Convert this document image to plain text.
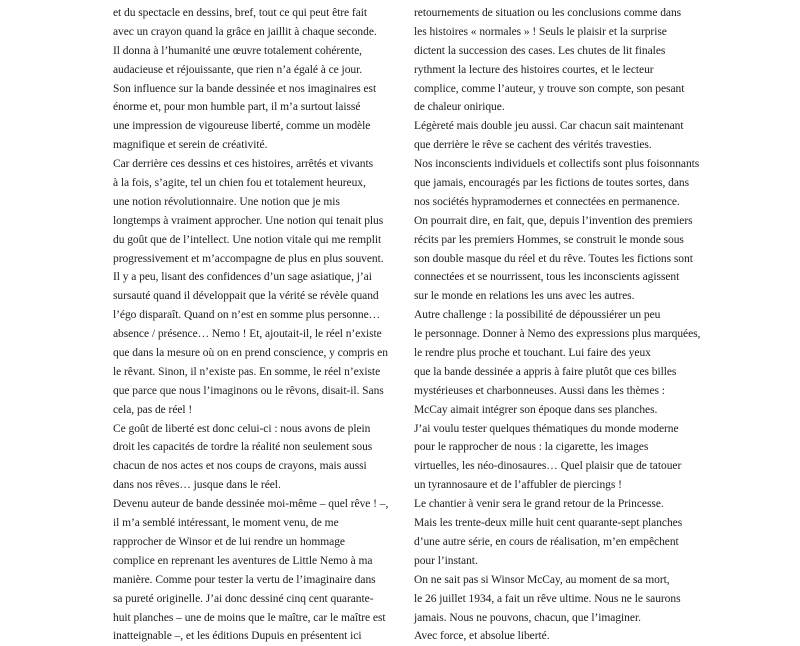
et du spectacle en dessins, bref, tout ce qui peut être fait
avec un crayon quand la grâce en jaillit à chaque seconde.
Il donna à l’humanité une œuvre totalement cohérente,
audacieuse et réjouissante, que rien n’a égalé à ce jour.
Son influence sur la bande dessinée et nos imaginaires est
énorme et, pour mon humble part, il m’a surtout laissé
une impression de vigoureuse liberté, comme un modèle
magnifique et serein de créativité.
Car derrière ces dessins et ces histoires, arrêtés et vivants
à la fois, s’agite, tel un chien fou et totalement heureux,
une notion révolutionnaire. Une notion que je mis
longtemps à vraiment approcher. Une notion qui tenait plus
du goût que de l’intellect. Une notion vitale qui me remplit
progressivement et m’accompagne de plus en plus souvent.
Il y a peu, lisant des confidences d’un sage asiatique, j’ai
sursauté quand il développait que la vérité se révèle quand
l’égo disparaît. Quand on n’est en somme plus personne…
absence / présence… Nemo ! Et, ajoutait-il, le réel n’existe
que dans la mesure où on en prend conscience, y compris en
le rêvant. Sinon, il n’existe pas. En somme, le réel n’existe
que parce que nous l’imaginons ou le rêvons, disait-il. Sans
cela, pas de réel !
Ce goût de liberté est donc celui-ci : nous avons de plein
droit les capacités de tordre la réalité non seulement sous
chacun de nos actes et nos coups de crayons, mais aussi
dans nos rêves… jusque dans le réel.
Devenu auteur de bande dessinée moi-même – quel rêve ! –,
il m’a semblé intéressant, le moment venu, de me
rapprocher de Winsor et de lui rendre un hommage
complice en reprenant les aventures de Little Nemo à ma
manière. Comme pour tester la vertu de l’imaginaire dans
sa pureté originelle. J’ai donc dessiné cinq cent quarante-
huit planches – une de moins que le maître, car le maître est
inatteignable –, et les éditions Dupuis en présentent ici
retournements de situation ou les conclusions comme dans
les histoires « normales » ! Seuls le plaisir et la surprise
dictent la succession des cases. Les chutes de lit finales
rythment la lecture des histoires courtes, et le lecteur
complice, comme l’auteur, y trouve son compte, son pesant
de chaleur onirique.
Légèreté mais double jeu aussi. Car chacun sait maintenant
que derrière le rêve se cachent des vérités travesties.
Nos inconscients individuels et collectifs sont plus foisonnants
que jamais, encouragés par les fictions de toutes sortes, dans
nos sociétés hypramodernes et connectées en permanence.
On pourrait dire, en fait, que, depuis l’invention des premiers
récits par les premiers Hommes, se construit le monde sous
son double masque du réel et du rêve. Toutes les fictions sont
connectées et se nourrissent, tous les inconscients agissent
sur le monde en relations les uns avec les autres.
Autre challenge : la possibilité de dépoussiérer un peu
le personnage. Donner à Nemo des expressions plus marquées,
le rendre plus proche et touchant. Lui faire des yeux
que la bande dessinée a appris à faire plutôt que ces billes
mystérieuses et charbonneuses. Aussi dans les thèmes :
McCay aimait intégrer son époque dans ses planches.
J’ai voulu tester quelques thématiques du monde moderne
pour le rapprocher de nous : la cigarette, les images
virtuelles, les néo-dinosaures… Quel plaisir que de tatouer
un tyrannosaure et de l’affubler de piercings !
Le chantier à venir sera le grand retour de la Princesse.
Mais les trente-deux mille huit cent quarante-sept planches
d’une autre série, en cours de réalisation, m’en empêchent
pour l’instant.
On ne sait pas si Winsor McCay, au moment de sa mort,
le 26 juillet 1934, a fait un rêve ultime. Nous ne le saurons
jamais. Nous ne pouvons, chacun, que l’imaginer.
Avec force, et absolue liberté.
